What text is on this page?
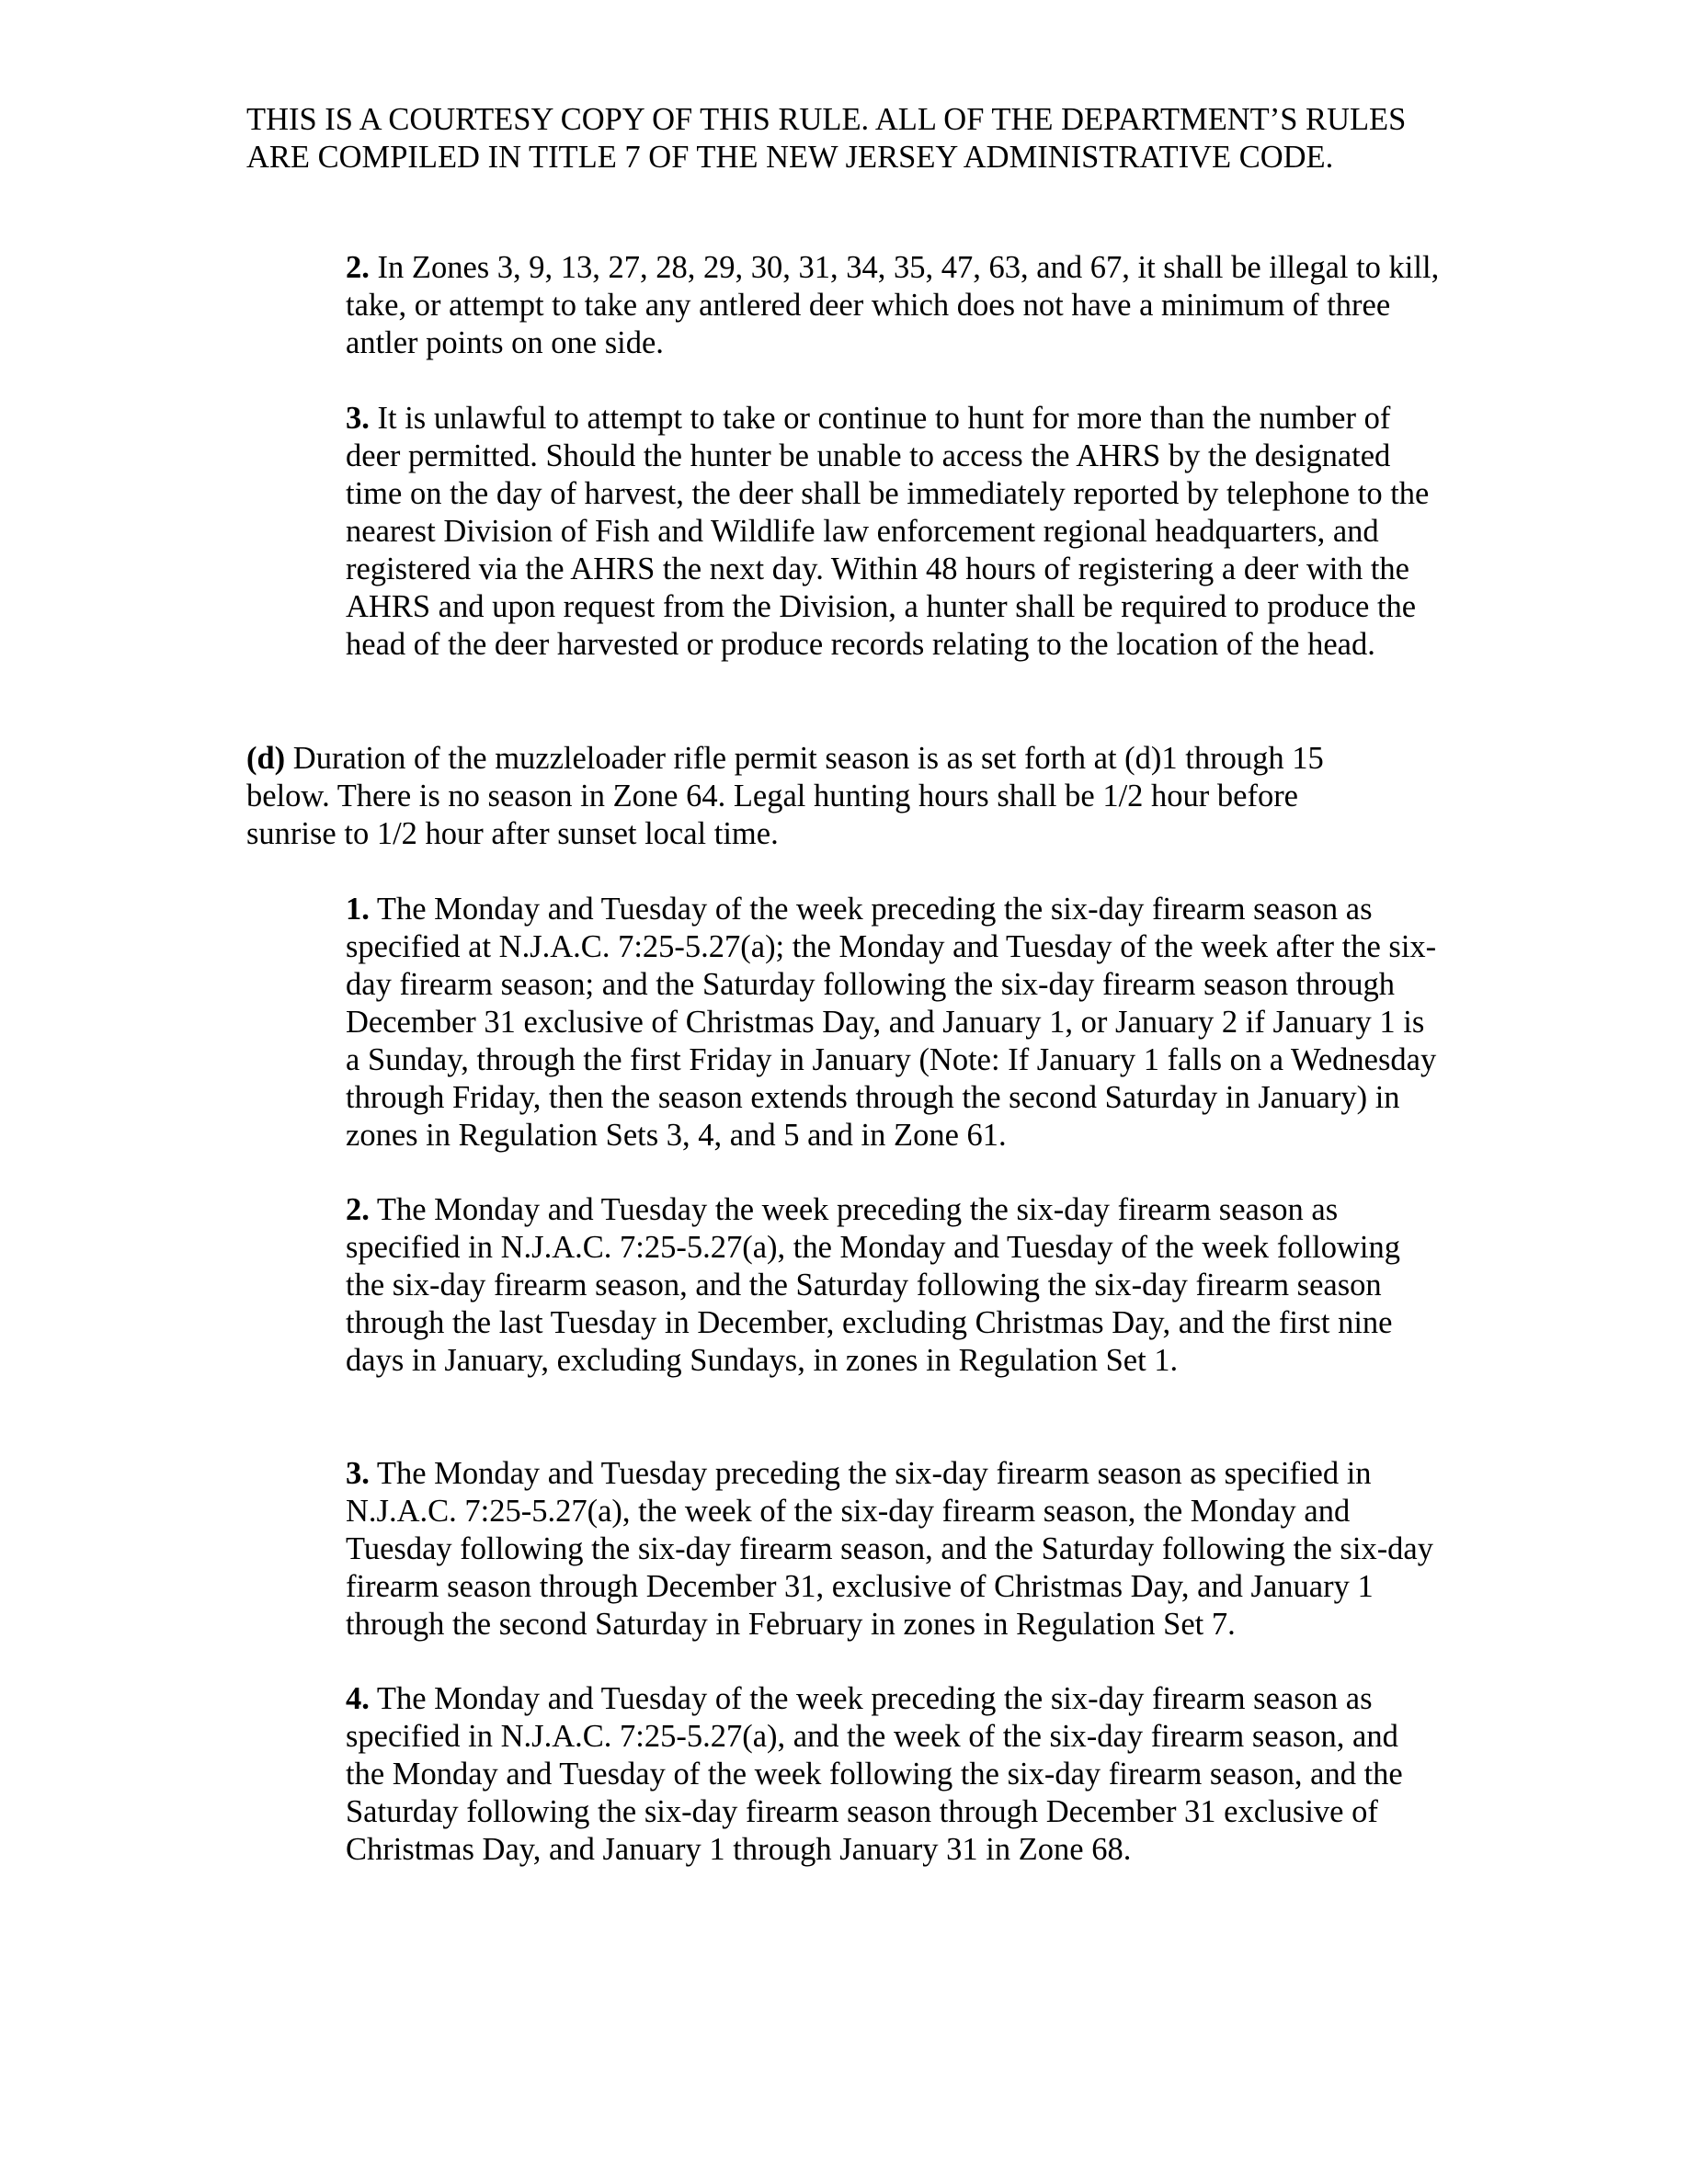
THIS IS A COURTESY COPY OF THIS RULE. ALL OF THE DEPARTMENT’S RULES ARE COMPILED IN TITLE 7 OF THE NEW JERSEY ADMINISTRATIVE CODE.

2. In Zones 3, 9, 13, 27, 28, 29, 30, 31, 34, 35, 47, 63, and 67, it shall be illegal to kill, take, or attempt to take any antlered deer which does not have a minimum of three antler points on one side.

3. It is unlawful to attempt to take or continue to hunt for more than the number of deer permitted. Should the hunter be unable to access the AHRS by the designated time on the day of harvest, the deer shall be immediately reported by telephone to the nearest Division of Fish and Wildlife law enforcement regional headquarters, and registered via the AHRS the next day. Within 48 hours of registering a deer with the AHRS and upon request from the Division, a hunter shall be required to produce the head of the deer harvested or produce records relating to the location of the head.

(d) Duration of the muzzleloader rifle permit season is as set forth at (d)1 through 15 below. There is no season in Zone 64. Legal hunting hours shall be 1/2 hour before sunrise to 1/2 hour after sunset local time.

1. The Monday and Tuesday of the week preceding the six-day firearm season as specified at N.J.A.C. 7:25-5.27(a); the Monday and Tuesday of the week after the six-day firearm season; and the Saturday following the six-day firearm season through December 31 exclusive of Christmas Day, and January 1, or January 2 if January 1 is a Sunday, through the first Friday in January (Note: If January 1 falls on a Wednesday through Friday, then the season extends through the second Saturday in January) in zones in Regulation Sets 3, 4, and 5 and in Zone 61.

2. The Monday and Tuesday the week preceding the six-day firearm season as specified in N.J.A.C. 7:25-5.27(a), the Monday and Tuesday of the week following the six-day firearm season, and the Saturday following the six-day firearm season through the last Tuesday in December, excluding Christmas Day, and the first nine days in January, excluding Sundays, in zones in Regulation Set 1.

3. The Monday and Tuesday preceding the six-day firearm season as specified in N.J.A.C. 7:25-5.27(a), the week of the six-day firearm season, the Monday and Tuesday following the six-day firearm season, and the Saturday following the six-day firearm season through December 31, exclusive of Christmas Day, and January 1 through the second Saturday in February in zones in Regulation Set 7.

4. The Monday and Tuesday of the week preceding the six-day firearm season as specified in N.J.A.C. 7:25-5.27(a), and the week of the six-day firearm season, and the Monday and Tuesday of the week following the six-day firearm season, and the Saturday following the six-day firearm season through December 31 exclusive of Christmas Day, and January 1 through January 31 in Zone 68.
